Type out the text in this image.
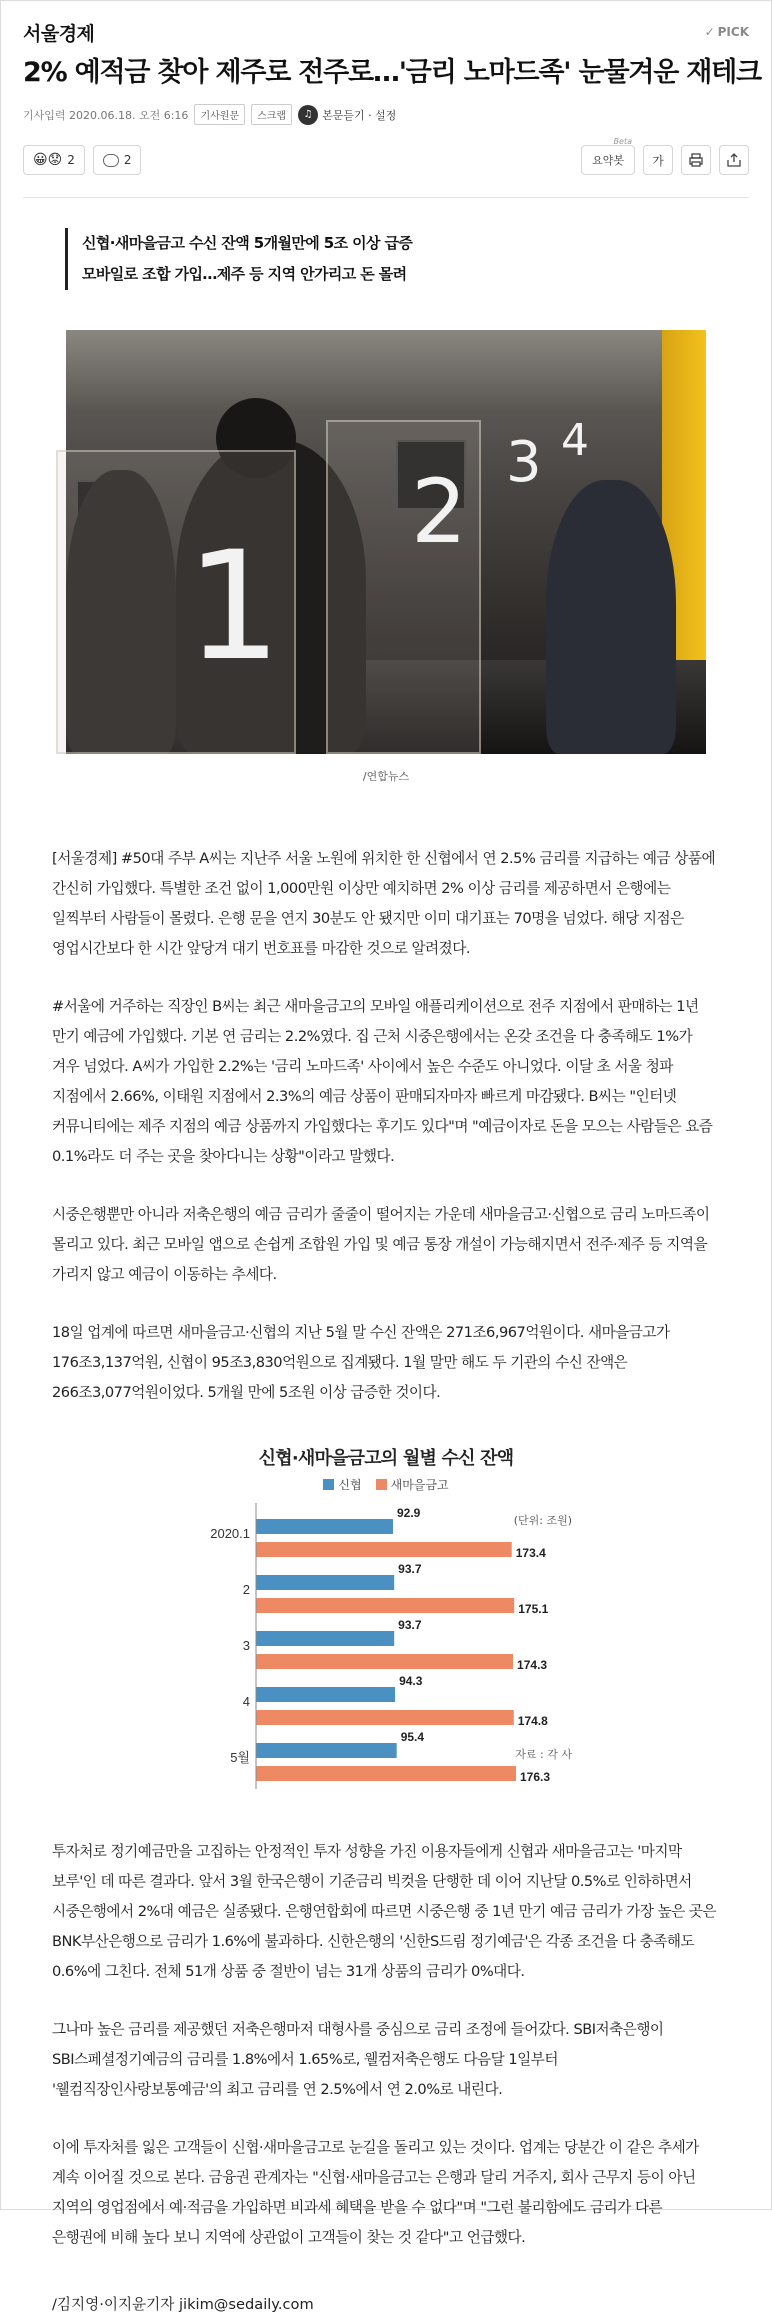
서울경제	✓ PICK
2% 예적금 찾아 제주로 전주로…'금리 노마드족' 눈물겨운 재테크
기사입력 2020.06.18. 오전 6:16	기사원문	스크랩	♫ 본문듣기 · 설정
😀😟 2	2
Beta
요약봇 가

신협·새마을금고 수신 잔액 5개월만에 5조 이상 급증

모바일로 조합 가입…제주 등 지역 안가리고 돈 몰려

1
2 3 4
/연합뉴스

[서울경제] #50대 주부 A씨는 지난주 서울 노원에 위치한 한 신협에서 연 2.5% 금리를 지급하는 예금 상품에 간신히 가입했다. 특별한 조건 없이 1,000만원 이상만 예치하면 2% 이상 금리를 제공하면서 은행에는 일찍부터 사람들이 몰렸다. 은행 문을 연지 30분도 안 됐지만 이미 대기표는 70명을 넘었다. 해당 지점은 영업시간보다 한 시간 앞당겨 대기 번호표를 마감한 것으로 알려졌다.

#서울에 거주하는 직장인 B씨는 최근 새마을금고의 모바일 애플리케이션으로 전주 지점에서 판매하는 1년 만기 예금에 가입했다. 기본 연 금리는 2.2%였다. 집 근처 시중은행에서는 온갖 조건을 다 충족해도 1%가 겨우 넘었다. A씨가 가입한 2.2%는 '금리 노마드족' 사이에서 높은 수준도 아니었다. 이달 초 서울 청파 지점에서 2.66%, 이태원 지점에서 2.3%의 예금 상품이 판매되자마자 빠르게 마감됐다. B씨는 "인터넷 커뮤니티에는 제주 지점의 예금 상품까지 가입했다는 후기도 있다"며 "예금이자로 돈을 모으는 사람들은 요즘 0.1%라도 더 주는 곳을 찾아다니는 상황"이라고 말했다.

시중은행뿐만 아니라 저축은행의 예금 금리가 줄줄이 떨어지는 가운데 새마을금고·신협으로 금리 노마드족이 몰리고 있다. 최근 모바일 앱으로 손쉽게 조합원 가입 및 예금 통장 개설이 가능해지면서 전주·제주 등 지역을 가리지 않고 예금이 이동하는 추세다.

18일 업계에 따르면 새마을금고·신협의 지난 5월 말 수신 잔액은 271조6,967억원이다. 새마을금고가 176조3,137억원, 신협이 95조3,830억원으로 집계됐다. 1월 말만 해도 두 기관의 수신 잔액은 266조3,077억원이었다. 5개월 만에 5조원 이상 급증한 것이다.

신협·새마을금고의 월별 수신 잔액
신협	새마을금고
(단위: 조원)
2020.1
92.9
173.4
2
93.7
175.1
3
93.7
174.3
4
94.3
174.8
5월
95.4
176.3
자료 : 각 사

투자처로 정기예금만을 고집하는 안정적인 투자 성향을 가진 이용자들에게 신협과 새마을금고는 '마지막 보루'인 데 따른 결과다. 앞서 3월 한국은행이 기준금리 빅컷을 단행한 데 이어 지난달 0.5%로 인하하면서 시중은행에서 2%대 예금은 실종됐다. 은행연합회에 따르면 시중은행 중 1년 만기 예금 금리가 가장 높은 곳은 BNK부산은행으로 금리가 1.6%에 불과하다. 신한은행의 '신한S드림 정기예금'은 각종 조건을 다 충족해도 0.6%에 그친다. 전체 51개 상품 중 절반이 넘는 31개 상품의 금리가 0%대다.

그나마 높은 금리를 제공했던 저축은행마저 대형사를 중심으로 금리 조정에 들어갔다. SBI저축은행이 SBI스페셜정기예금의 금리를 1.8%에서 1.65%로, 웰컴저축은행도 다음달 1일부터 '웰컴직장인사랑보통예금'의 최고 금리를 연 2.5%에서 연 2.0%로 내린다.

이에 투자처를 잃은 고객들이 신협·새마을금고로 눈길을 돌리고 있는 것이다. 업계는 당분간 이 같은 추세가 계속 이어질 것으로 본다. 금융권 관계자는 "신협·새마을금고는 은행과 달리 거주지, 회사 근무지 등이 아닌 지역의 영업점에서 예·적금을 가입하면 비과세 혜택을 받을 수 없다"며 "그런 불리함에도 금리가 다른 은행권에 비해 높다 보니 지역에 상관없이 고객들이 찾는 것 같다"고 언급했다.

/김지영·이지윤기자 jikim@sedaily.com
